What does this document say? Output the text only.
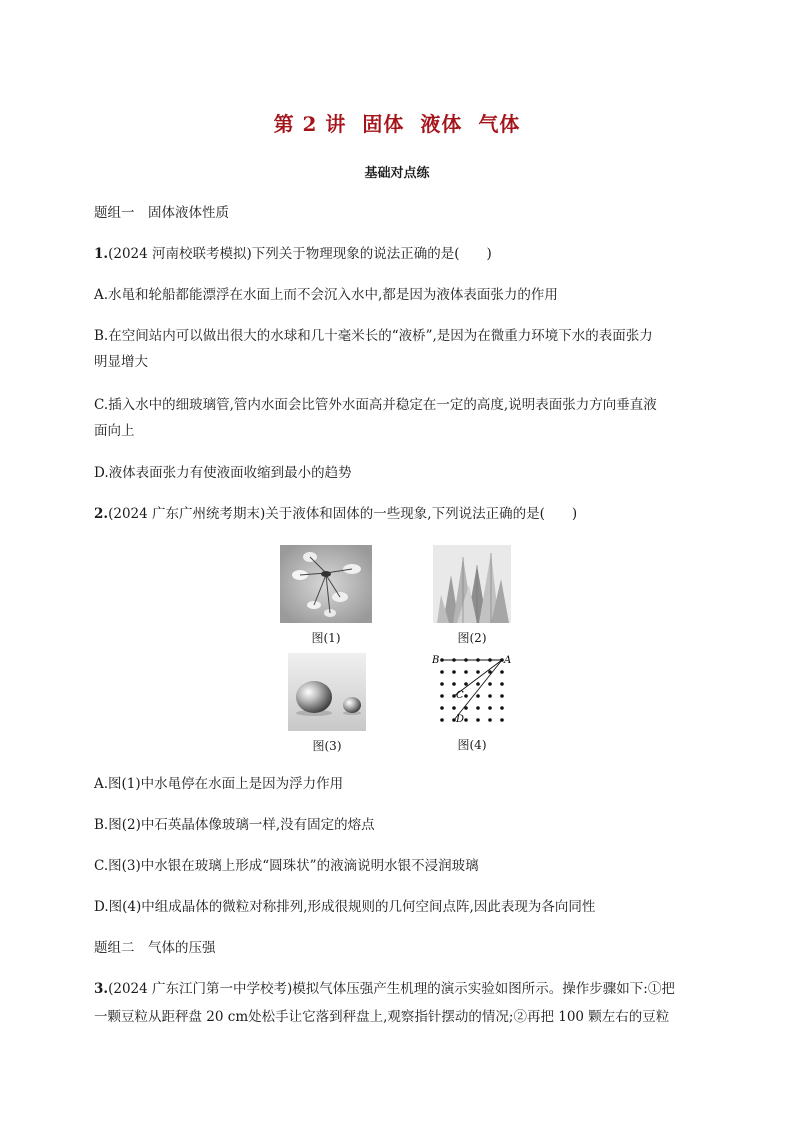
第 2 讲 固体 液体 气体
基础对点练
题组一　固体液体性质
1.(2024 河南校联考模拟)下列关于物理现象的说法正确的是(　　)
A.水黾和轮船都能漂浮在水面上而不会沉入水中,都是因为液体表面张力的作用
B.在空间站内可以做出很大的水球和几十毫米长的“液桥”,是因为在微重力环境下水的表面张力
明显增大
C.插入水中的细玻璃管,管内水面会比管外水面高并稳定在一定的高度,说明表面张力方向垂直液
面向上
D.液体表面张力有使液面收缩到最小的趋势
2.(2024 广东广州统考期末)关于液体和固体的一些现象,下列说法正确的是(　　)
图(1)	图(2)
图(3)
B	A
C
D
图(4)
A.图(1)中水黾停在水面上是因为浮力作用
B.图(2)中石英晶体像玻璃一样,没有固定的熔点
C.图(3)中水银在玻璃上形成“圆珠状”的液滴说明水银不浸润玻璃
D.图(4)中组成晶体的微粒对称排列,形成很规则的几何空间点阵,因此表现为各向同性
题组二　气体的压强
3.(2024 广东江门第一中学校考)模拟气体压强产生机理的演示实验如图所示。操作步骤如下:①把
一颗豆粒从距秤盘 20 cm处松手让它落到秤盘上,观察指针摆动的情况;②再把 100 颗左右的豆粒
